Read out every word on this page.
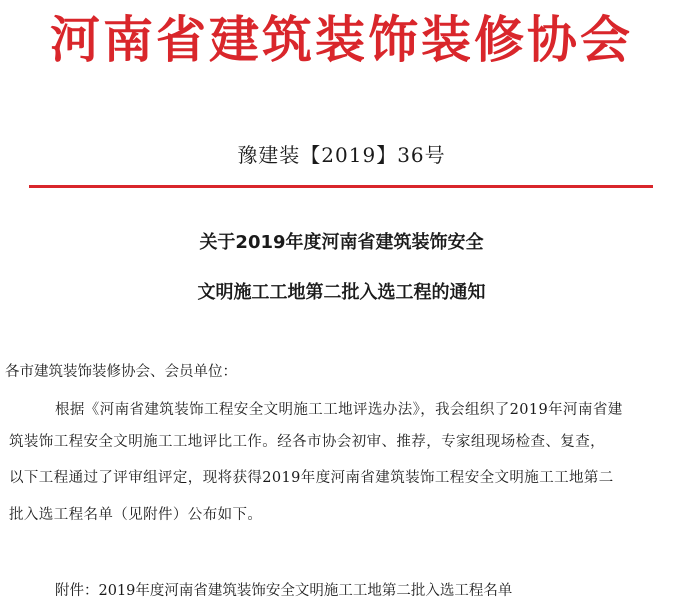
河南省建筑装饰装修协会
豫建装【2019】36号
关于2019年度河南省建筑装饰安全
文明施工工地第二批入选工程的通知
各市建筑装饰装修协会、会员单位：
根据《河南省建筑装饰工程安全文明施工工地评选办法》，我会组织了2019年河南省建
筑装饰工程安全文明施工工地评比工作。经各市协会初审、推荐，专家组现场检查、复查，
以下工程通过了评审组评定，现将获得2019年度河南省建筑装饰工程安全文明施工工地第二
批入选工程名单（见附件）公布如下。
附件：2019年度河南省建筑装饰安全文明施工工地第二批入选工程名单
